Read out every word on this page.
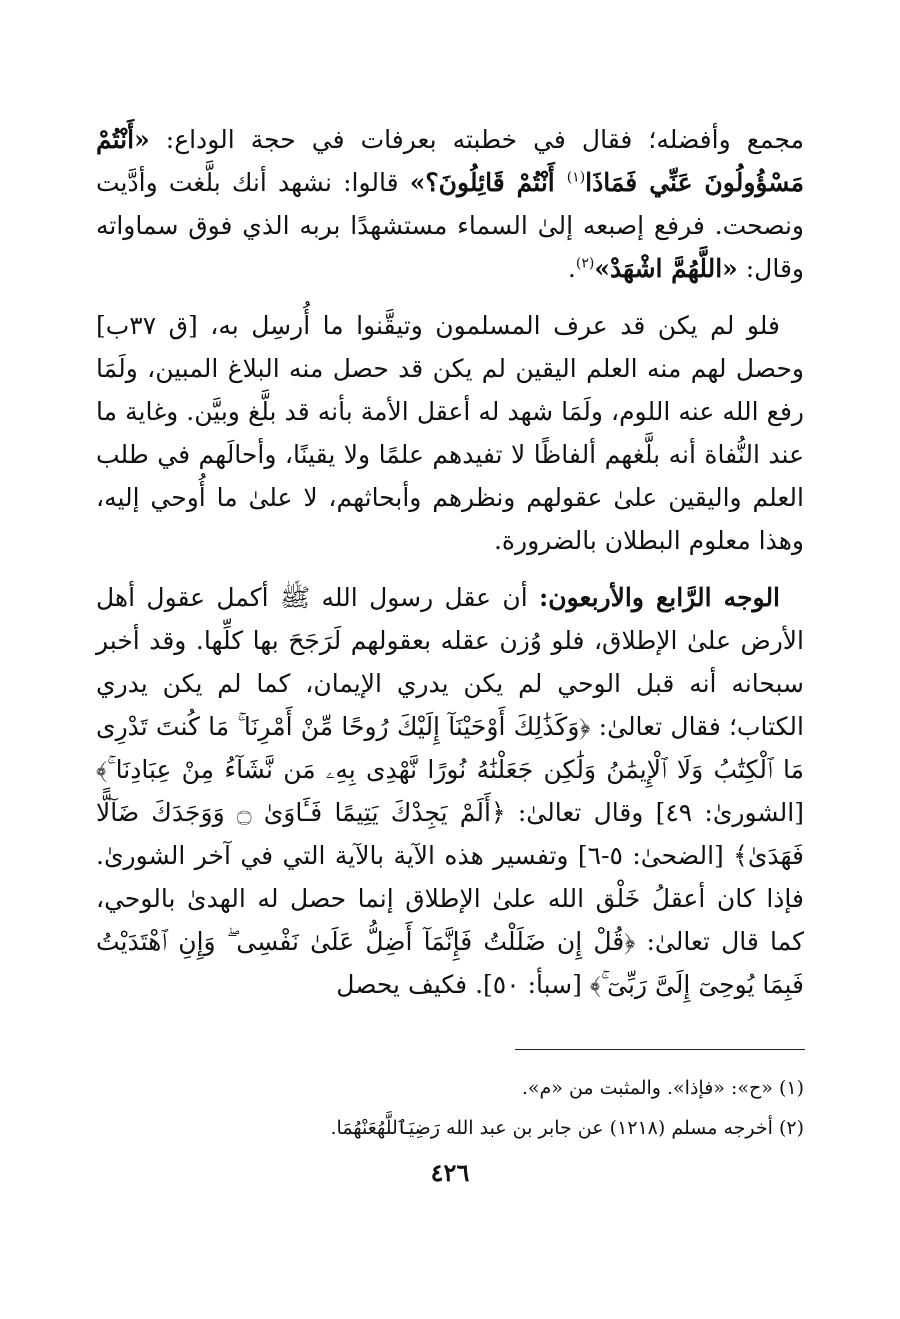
مجمع وأفضله؛ فقال في خطبته بعرفات في حجة الوداع: «أَنْتُمْ مَسْؤُولُونَ عَنِّي فَمَاذَا$^{(١)}$ أَنْتُمْ قَائِلُونَ؟» قالوا: نشهد أنك بلَّغت وأدَّيت ونصحت. فرفع إصبعه إلىٰ السماء مستشهدًا بربه الذي فوق سماواته وقال: «اللَّهُمَّ اشْهَدْ»$^{(٢)}$.

فلو لم يكن قد عرف المسلمون وتيقَّنوا ما أُرسِل به، [ق ٣٧ب] وحصل لهم منه العلم اليقين لم يكن قد حصل منه البلاغ المبين، ولَمَا رفع الله عنه اللوم، ولَمَا شهد له أعقل الأمة بأنه قد بلَّغ وبيَّن. وغاية ما عند النُّفاة أنه بلَّغهم ألفاظًا لا تفيدهم علمًا ولا يقينًا، وأحالَهم في طلب العلم واليقين علىٰ عقولهم ونظرهم وأبحاثهم، لا علىٰ ما أُوحي إليه، وهذا معلوم البطلان بالضرورة.

الوجه الرَّابع والأربعون: أن عقل رسول الله ﷺ أكمل عقول أهل الأرض علىٰ الإطلاق، فلو وُزن عقله بعقولهم لَرَجَحَ بها كلِّها. وقد أخبر سبحانه أنه قبل الوحي لم يكن يدري الإيمان، كما لم يكن يدري الكتاب؛ فقال تعالىٰ: ﴿وَكَذَٰلِكَ أَوْحَيْنَآ إِلَيْكَ رُوحًا مِّنْ أَمْرِنَا ۚ مَا كُنتَ تَدْرِى مَا ٱلْكِتَٰبُ وَلَا ٱلْإِيمَٰنُ وَلَٰكِن جَعَلْنَٰهُ نُورًا نَّهْدِى بِهِۦ مَن نَّشَآءُ مِنْ عِبَادِنَا ۚ﴾ [الشورىٰ: ٤٩] وقال تعالىٰ: ﴿أَلَمْ يَجِدْكَ يَتِيمًا فَـَٔاوَىٰ ۝ وَوَجَدَكَ ضَآلًّا فَهَدَىٰ﴾ [الضحىٰ: ٥-٦] وتفسير هذه الآية بالآية التي في آخر الشورىٰ. فإذا كان أعقلُ خَلْق الله علىٰ الإطلاق إنما حصل له الهدىٰ بالوحي، كما قال تعالىٰ: ﴿قُلْ إِن ضَلَلْتُ فَإِنَّمَآ أَضِلُّ عَلَىٰ نَفْسِى ۖ وَإِنِ ٱهْتَدَيْتُ فَبِمَا يُوحِىٓ إِلَىَّ رَبِّىٓ ۚ﴾ [سبأ: ٥٠]. فكيف يحصل

(١) «ح»: «فإذا». والمثبت من «م».

(٢) أخرجه مسلم (١٢١٨) عن جابر بن عبد الله رَضِيَٱللَّهُعَنْهُمَا.

٤٢٦
